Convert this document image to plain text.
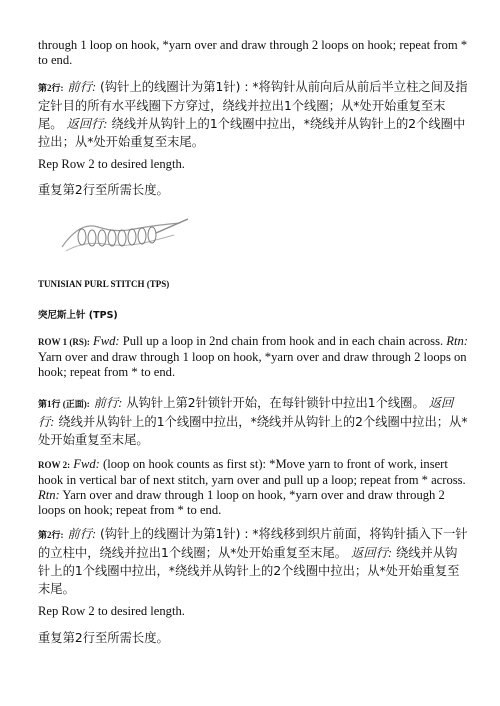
through 1 loop on hook, *yarn over and draw through 2 loops on hook; repeat from * to end.
第2行: 前行: (钩针上的线圈计为第1针) : *将钩针从前向后从前后半立柱之间及指定针目的所有水平线圈下方穿过，绕线并拉出1个线圈；从*处开始重复至末尾。 返回行: 绕线并从钩针上的1个线圈中拉出，*绕线并从钩针上的2个线圈中拉出；从*处开始重复至末尾。
Rep Row 2 to desired length.
重复第2行至所需长度。
TUNISIAN PURL STITCH (TPS)
突尼斯上针 (TPS)
ROW 1 (RS): Fwd: Pull up a loop in 2nd chain from hook and in each chain across. Rtn: Yarn over and draw through 1 loop on hook, *yarn over and draw through 2 loops on hook; repeat from * to end.
第1行 (正面): 前行: 从钩针上第2针锁针开始，在每针锁针中拉出1个线圈。 返回行: 绕线并从钩针上的1个线圈中拉出，*绕线并从钩针上的2个线圈中拉出；从*处开始重复至末尾。
ROW 2: Fwd: (loop on hook counts as first st): *Move yarn to front of work, insert hook in vertical bar of next stitch, yarn over and pull up a loop; repeat from * across. Rtn: Yarn over and draw through 1 loop on hook, *yarn over and draw through 2 loops on hook; repeat from * to end.
第2行: 前行: (钩针上的线圈计为第1针) : *将线移到织片前面，将钩针插入下一针的立柱中，绕线并拉出1个线圈；从*处开始重复至末尾。 返回行: 绕线并从钩针上的1个线圈中拉出，*绕线并从钩针上的2个线圈中拉出；从*处开始重复至末尾。
Rep Row 2 to desired length.
重复第2行至所需长度。
